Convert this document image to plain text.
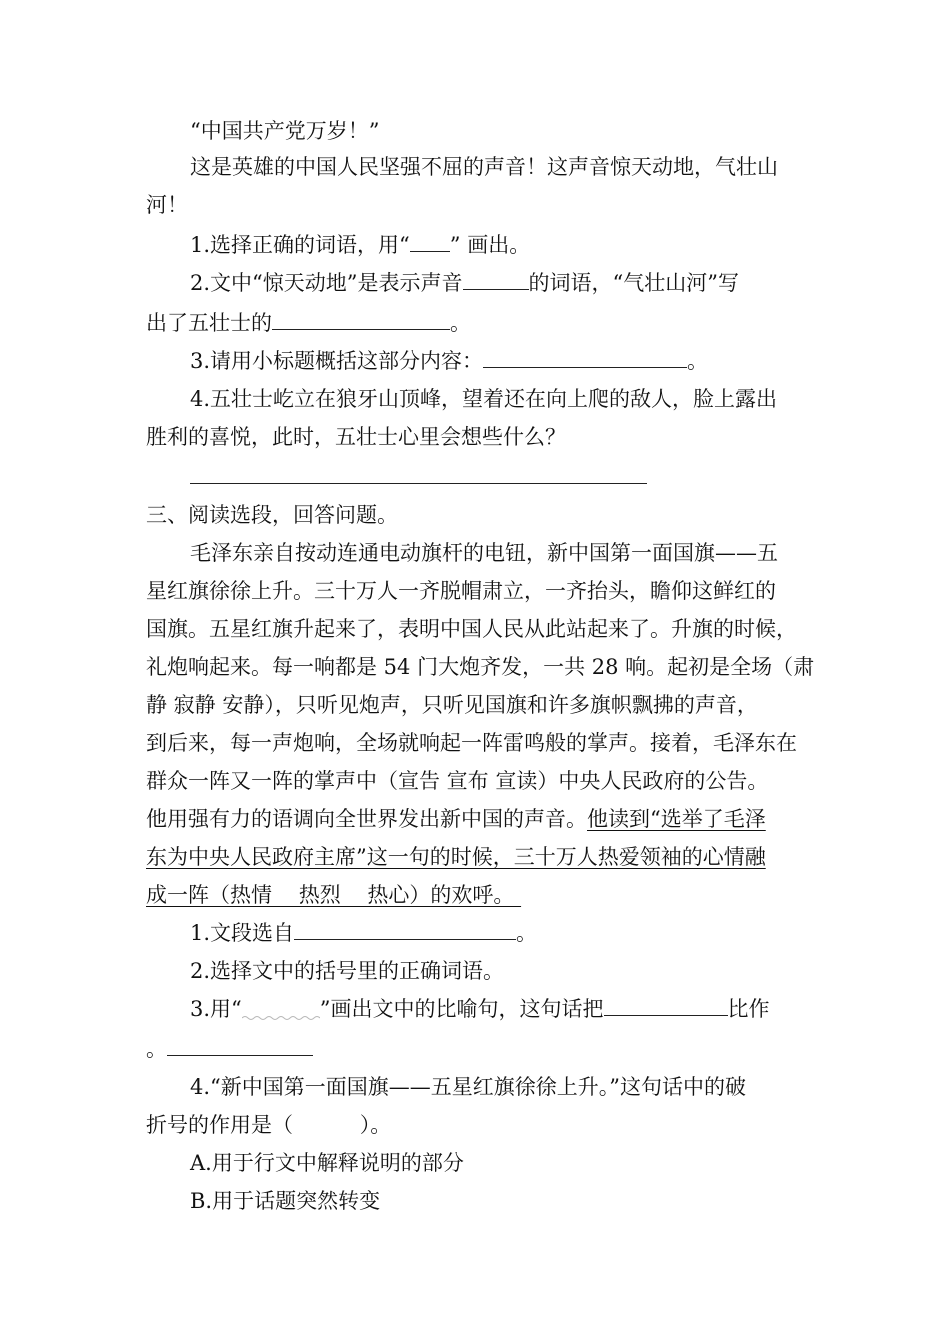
“中国共产党万岁！”
这是英雄的中国人民坚强不屈的声音！这声音惊天动地，气壮山
河！
1.选择正确的词语，用“ ” 画出。
2.文中“惊天动地”是表示声音	的词语，“气壮山河”写
出了五壮士的	。
3.请用小标题概括这部分内容：	。
4.五壮士屹立在狼牙山顶峰，望着还在向上爬的敌人，脸上露出
胜利的喜悦，此时，五壮士心里会想些什么？
三、阅读选段，回答问题。
毛泽东亲自按动连通电动旗杆的电钮，新中国第一面国旗——五
星红旗徐徐上升。三十万人一齐脱帽肃立，一齐抬头，瞻仰这鲜红的
国旗。五星红旗升起来了，表明中国人民从此站起来了。升旗的时候，
礼炮响起来。每一响都是 54 门大炮齐发，一共 28 响。起初是全场（肃
静 寂静 安静），只听见炮声，只听见国旗和许多旗帜飘拂的声音，
到后来，每一声炮响，全场就响起一阵雷鸣般的掌声。接着，毛泽东在
群众一阵又一阵的掌声中（宣告 宣布 宣读）中央人民政府的公告。
他用强有力的语调向全世界发出新中国的声音。他读到“选举了毛泽
东为中央人民政府主席”这一句的时候，三十万人热爱领袖的心情融
成一阵（热情    热烈    热心）的欢呼。
1.文段选自	。
2.选择文中的括号里的正确词语。
3.用“	”画出文中的比喻句，这句话把	比作
。
4.“新中国第一面国旗——五星红旗徐徐上升。”这句话中的破
折号的作用是（          ）。
A.用于行文中解释说明的部分
B.用于话题突然转变
